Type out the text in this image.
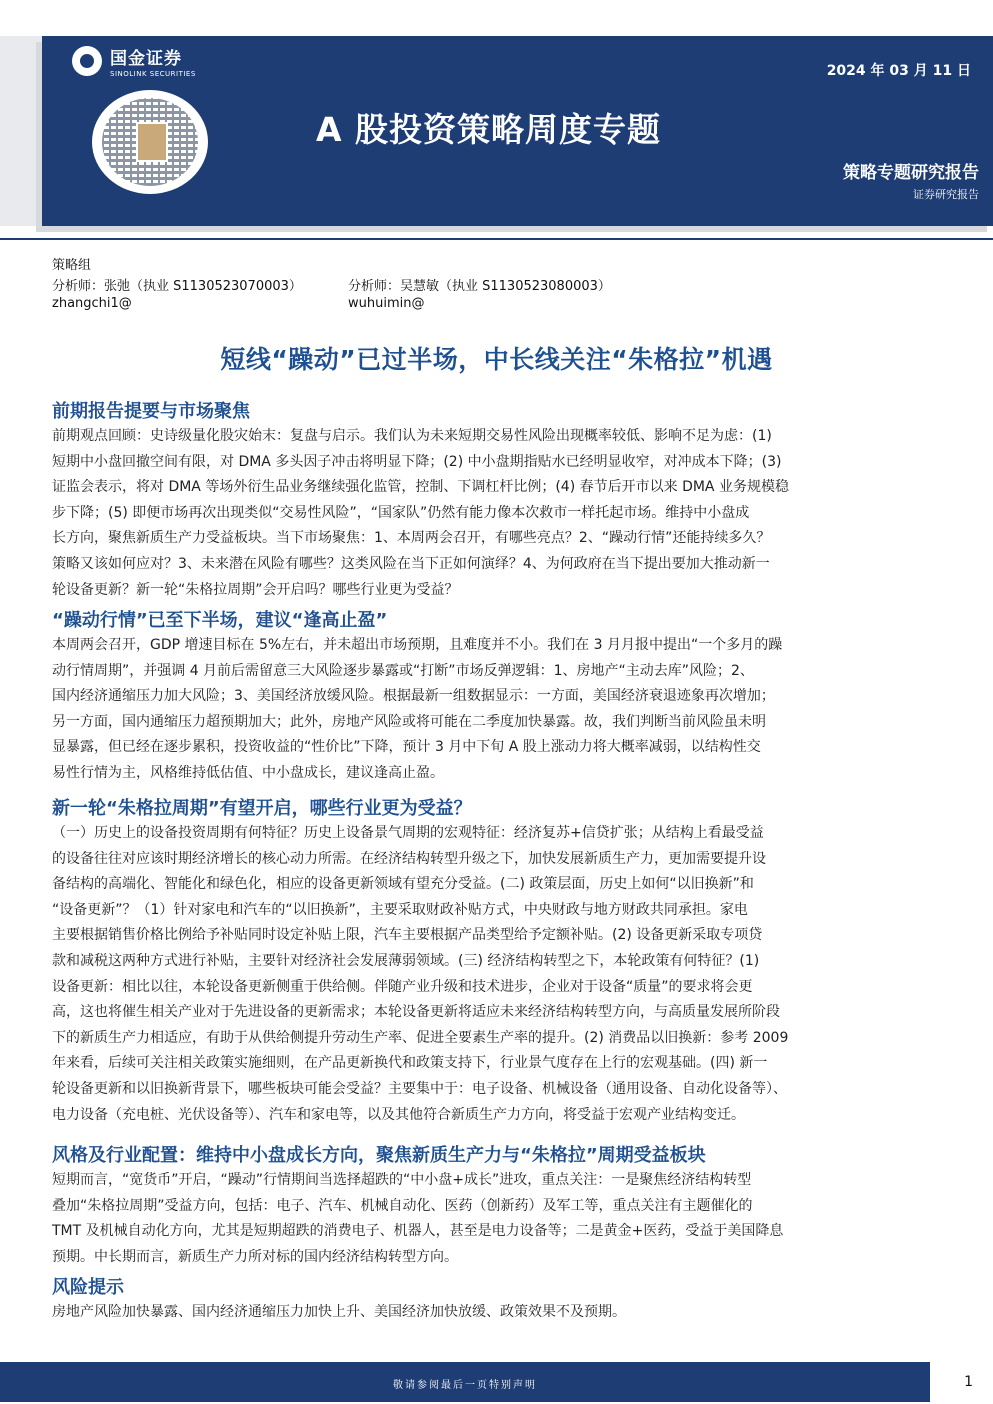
国金证券
SINOLINK SECURITIES	2024 年 03 月 11 日
A 股投资策略周度专题
策略专题研究报告
证券研究报告
策略组
分析师：张弛（执业 S1130523070003）
zhangchi1@
分析师：吴慧敏（执业 S1130523080003）
wuhuimin@
短线“躁动”已过半场，中长线关注“朱格拉”机遇
前期报告提要与市场聚焦
前期观点回顾：史诗级量化股灾始末：复盘与启示。我们认为未来短期交易性风险出现概率较低、影响不足为虑：(1)
短期中小盘回撤空间有限，对 DMA 多头因子冲击将明显下降；(2) 中小盘期指贴水已经明显收窄，对冲成本下降；(3)
证监会表示，将对 DMA 等场外衍生品业务继续强化监管，控制、下调杠杆比例；(4) 春节后开市以来 DMA 业务规模稳
步下降；(5) 即便市场再次出现类似“交易性风险”，“国家队”仍然有能力像本次救市一样托起市场。维持中小盘成
长方向，聚焦新质生产力受益板块。当下市场聚焦：1、本周两会召开，有哪些亮点？2、“躁动行情”还能持续多久？
策略又该如何应对？3、未来潜在风险有哪些？这类风险在当下正如何演绎？4、为何政府在当下提出要加大推动新一
轮设备更新？新一轮“朱格拉周期”会开启吗？哪些行业更为受益？
“躁动行情”已至下半场，建议“逢高止盈”
本周两会召开，GDP 增速目标在 5%左右，并未超出市场预期，且难度并不小。我们在 3 月月报中提出“一个多月的躁
动行情周期”，并强调 4 月前后需留意三大风险逐步暴露或“打断”市场反弹逻辑：1、房地产“主动去库”风险；2、
国内经济通缩压力加大风险；3、美国经济放缓风险。根据最新一组数据显示：一方面，美国经济衰退迹象再次增加；
另一方面，国内通缩压力超预期加大；此外，房地产风险或将可能在二季度加快暴露。故，我们判断当前风险虽未明
显暴露，但已经在逐步累积，投资收益的“性价比”下降，预计 3 月中下旬 A 股上涨动力将大概率减弱，以结构性交
易性行情为主，风格维持低估值、中小盘成长，建议逢高止盈。
新一轮“朱格拉周期”有望开启，哪些行业更为受益？
（一）历史上的设备投资周期有何特征？历史上设备景气周期的宏观特征：经济复苏+信贷扩张；从结构上看最受益
的设备往往对应该时期经济增长的核心动力所需。在经济结构转型升级之下，加快发展新质生产力，更加需要提升设
备结构的高端化、智能化和绿色化，相应的设备更新领域有望充分受益。(二) 政策层面，历史上如何“以旧换新”和
“设备更新”？（1）针对家电和汽车的“以旧换新”，主要采取财政补贴方式，中央财政与地方财政共同承担。家电
主要根据销售价格比例给予补贴同时设定补贴上限，汽车主要根据产品类型给予定额补贴。(2) 设备更新采取专项贷
款和减税这两种方式进行补贴，主要针对经济社会发展薄弱领域。(三) 经济结构转型之下，本轮政策有何特征？(1)
设备更新：相比以往，本轮设备更新侧重于供给侧。伴随产业升级和技术进步，企业对于设备“质量”的要求将会更
高，这也将催生相关产业对于先进设备的更新需求；本轮设备更新将适应未来经济结构转型方向，与高质量发展所阶段
下的新质生产力相适应，有助于从供给侧提升劳动生产率、促进全要素生产率的提升。(2) 消费品以旧换新：参考 2009
年来看，后续可关注相关政策实施细则，在产品更新换代和政策支持下，行业景气度存在上行的宏观基础。(四) 新一
轮设备更新和以旧换新背景下，哪些板块可能会受益？主要集中于：电子设备、机械设备（通用设备、自动化设备等）、
电力设备（充电桩、光伏设备等）、汽车和家电等，以及其他符合新质生产力方向，将受益于宏观产业结构变迁。
风格及行业配置：维持中小盘成长方向，聚焦新质生产力与“朱格拉”周期受益板块
短期而言，“宽货币”开启，“躁动”行情期间当选择超跌的“中小盘+成长”进攻，重点关注：一是聚焦经济结构转型
叠加“朱格拉周期”受益方向，包括：电子、汽车、机械自动化、医药（创新药）及军工等，重点关注有主题催化的
TMT 及机械自动化方向，尤其是短期超跌的消费电子、机器人，甚至是电力设备等；二是黄金+医药，受益于美国降息
预期。中长期而言，新质生产力所对标的国内经济结构转型方向。
风险提示
房地产风险加快暴露、国内经济通缩压力加快上升、美国经济加快放缓、政策效果不及预期。
敬请参阅最后一页特别声明	1
